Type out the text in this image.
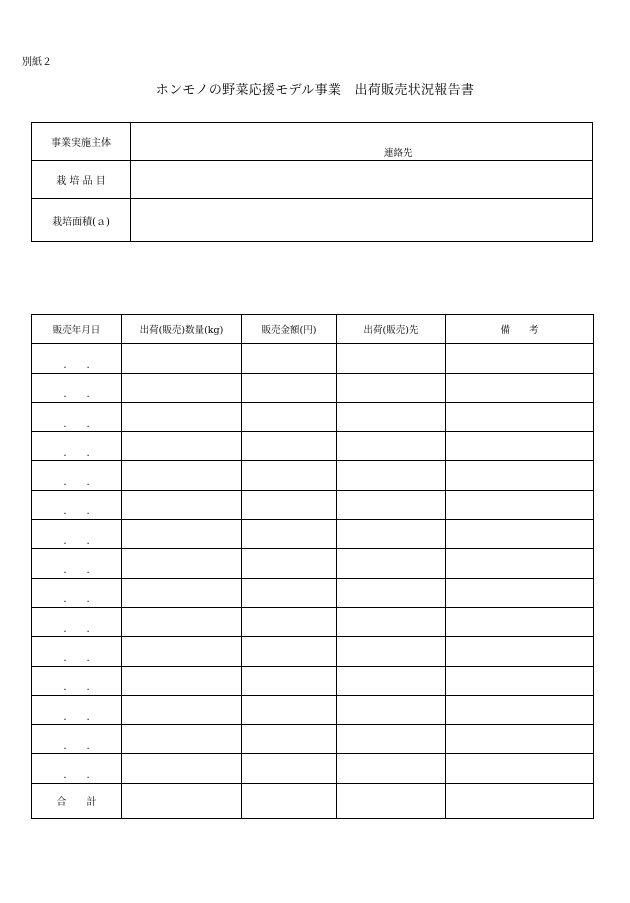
別紙２
ホンモノの野菜応援モデル事業　出荷販売状況報告書
事業実施主体	連絡先

栽 培 品 目	
栽培面積(ａ)	
販売年月日	出荷(販売)数量(kg)	販売金額(円)	出荷(販売)先	備　　考
.　　.				
.　　.				
.　　.				
.　　.				
.　　.				
.　　.				
.　　.				
.　　.				
.　　.				
.　　.				
.　　.				
.　　.				
.　　.				
.　　.				
.　　.				
合　　計				
